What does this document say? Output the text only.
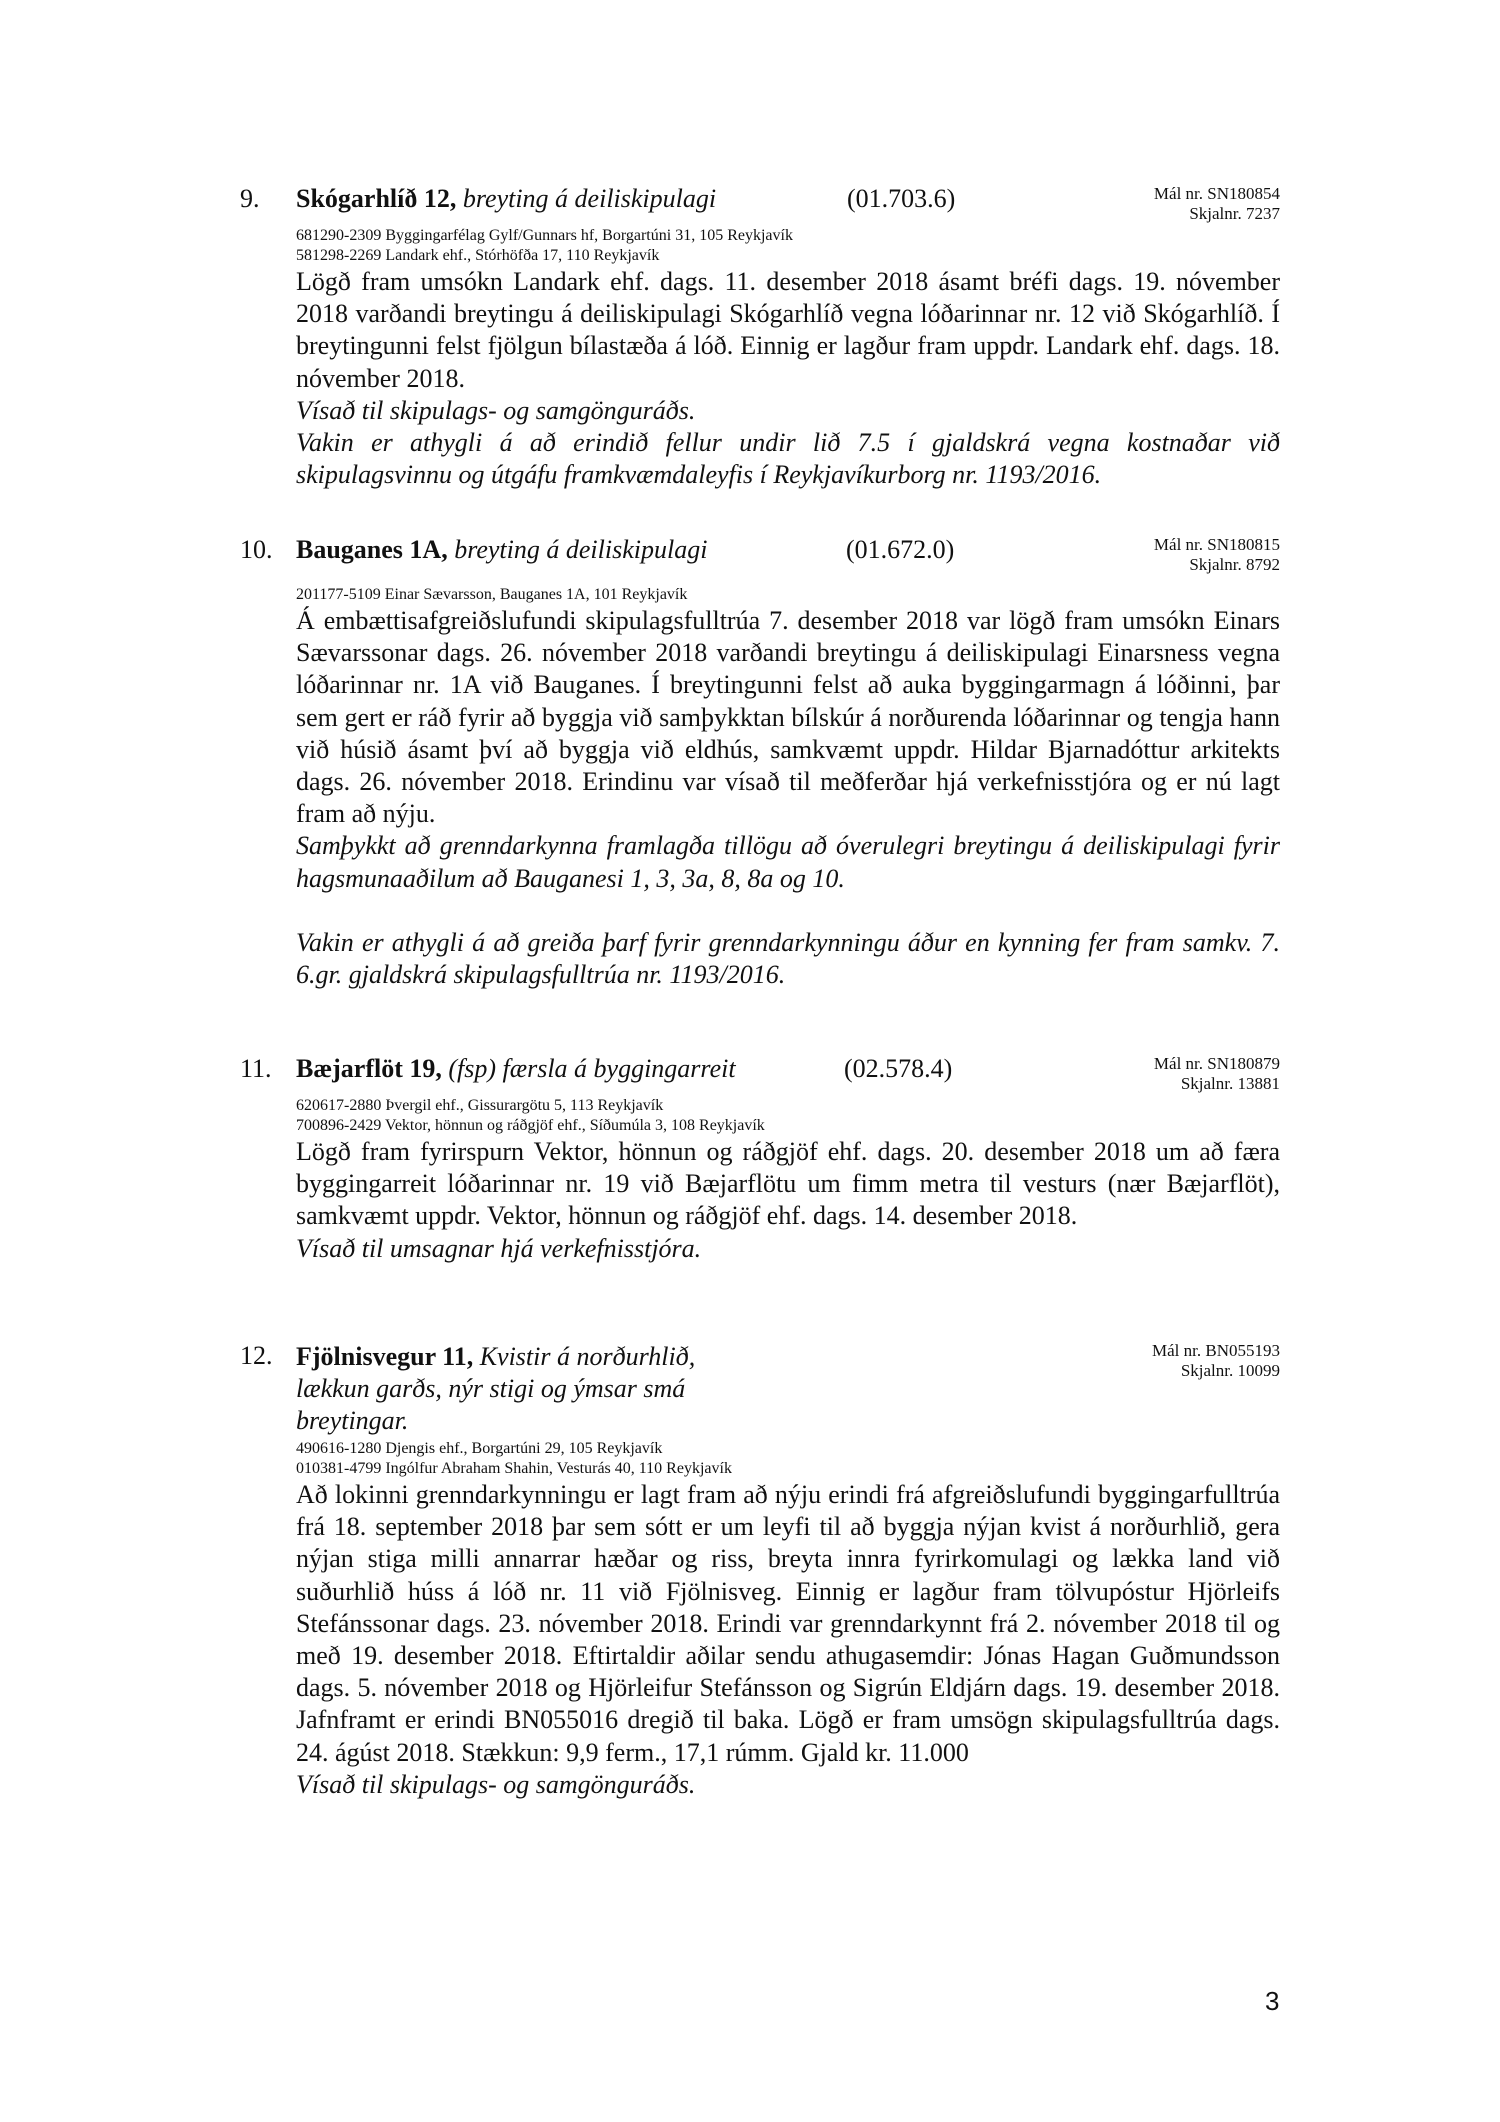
9. Skógarhlíð 12, breyting á deiliskipulagi	(01.703.6)	Mál nr. SN180854
Skjalnr. 7237
681290-2309 Byggingarfélag Gylf/Gunnars hf, Borgartúni 31, 105 Reykjavík
581298-2269 Landark ehf., Stórhöfða 17, 110 Reykjavík
Lögð fram umsókn Landark ehf. dags. 11. desember 2018 ásamt bréfi dags. 19. nóvember 2018 varðandi breytingu á deiliskipulagi Skógarhlíð vegna lóðarinnar nr. 12 við Skógarhlíð. Í breytingunni felst fjölgun bílastæða á lóð. Einnig er lagður fram uppdr. Landark ehf. dags. 18. nóvember 2018.
Vísað til skipulags- og samgönguráðs.
Vakin er athygli á að erindið fellur undir lið 7.5 í gjaldskrá vegna kostnaðar við skipulagsvinnu og útgáfu framkvæmdaleyfis í Reykjavíkurborg nr. 1193/2016.
10. Bauganes 1A, breyting á deiliskipulagi	(01.672.0)	Mál nr. SN180815
Skjalnr. 8792
201177-5109 Einar Sævarsson, Bauganes 1A, 101 Reykjavík
Á embættisafgreiðslufundi skipulagsfulltrúa 7. desember 2018 var lögð fram umsókn Einars Sævarssonar dags. 26. nóvember 2018 varðandi breytingu á deiliskipulagi Einarsness vegna lóðarinnar nr. 1A við Bauganes. Í breytingunni felst að auka byggingarmagn á lóðinni, þar sem gert er ráð fyrir að byggja við samþykktan bílskúr á norðurenda lóðarinnar og tengja hann við húsið ásamt því að byggja við eldhús, samkvæmt uppdr. Hildar Bjarnadóttur arkitekts dags. 26. nóvember 2018. Erindinu var vísað til meðferðar hjá verkefnisstjóra og er nú lagt fram að nýju.
Samþykkt að grenndarkynna framlagða tillögu að óverulegri breytingu á deiliskipulagi fyrir hagsmunaaðilum að Bauganesi 1, 3, 3a, 8, 8a og 10.
Vakin er athygli á að greiða þarf fyrir grenndarkynningu áður en kynning fer fram samkv. 7. 6.gr. gjaldskrá skipulagsfulltrúa nr. 1193/2016.
11. Bæjarflöt 19, (fsp) færsla á byggingarreit	(02.578.4)	Mál nr. SN180879
Skjalnr. 13881
620617-2880 Þvergil ehf., Gissurargötu 5, 113 Reykjavík
700896-2429 Vektor, hönnun og ráðgjöf ehf., Síðumúla 3, 108 Reykjavík
Lögð fram fyrirspurn Vektor, hönnun og ráðgjöf ehf. dags. 20. desember 2018 um að færa byggingarreit lóðarinnar nr. 19 við Bæjarflötu um fimm metra til vesturs (nær Bæjarflöt), samkvæmt uppdr. Vektor, hönnun og ráðgjöf ehf. dags. 14. desember 2018.
Vísað til umsagnar hjá verkefnisstjóra.
12. Fjölnisvegur 11, Kvistir á norðurhlið,
lækkun garðs, nýr stigi og ýmsar smá
breytingar.
Mál nr. BN055193
Skjalnr. 10099
490616-1280 Djengis ehf., Borgartúni 29, 105 Reykjavík
010381-4799 Ingólfur Abraham Shahin, Vesturás 40, 110 Reykjavík
Að lokinni grenndarkynningu er lagt fram að nýju erindi frá afgreiðslufundi byggingarfulltrúa frá 18. september 2018 þar sem sótt er um leyfi til að byggja nýjan kvist á norðurhlið, gera nýjan stiga milli annarrar hæðar og riss, breyta innra fyrirkomulagi og lækka land við suðurhlið húss á lóð nr. 11 við Fjölnisveg. Einnig er lagður fram tölvupóstur Hjörleifs Stefánssonar dags. 23. nóvember 2018. Erindi var grenndarkynnt frá 2. nóvember 2018 til og með 19. desember 2018. Eftirtaldir aðilar sendu athugasemdir: Jónas Hagan Guðmundsson dags. 5. nóvember 2018 og Hjörleifur Stefánsson og Sigrún Eldjárn dags. 19. desember 2018. Jafnframt er erindi BN055016 dregið til baka. Lögð er fram umsögn skipulagsfulltrúa dags. 24. ágúst 2018. Stækkun: 9,9 ferm., 17,1 rúmm. Gjald kr. 11.000
Vísað til skipulags- og samgönguráðs.
3
